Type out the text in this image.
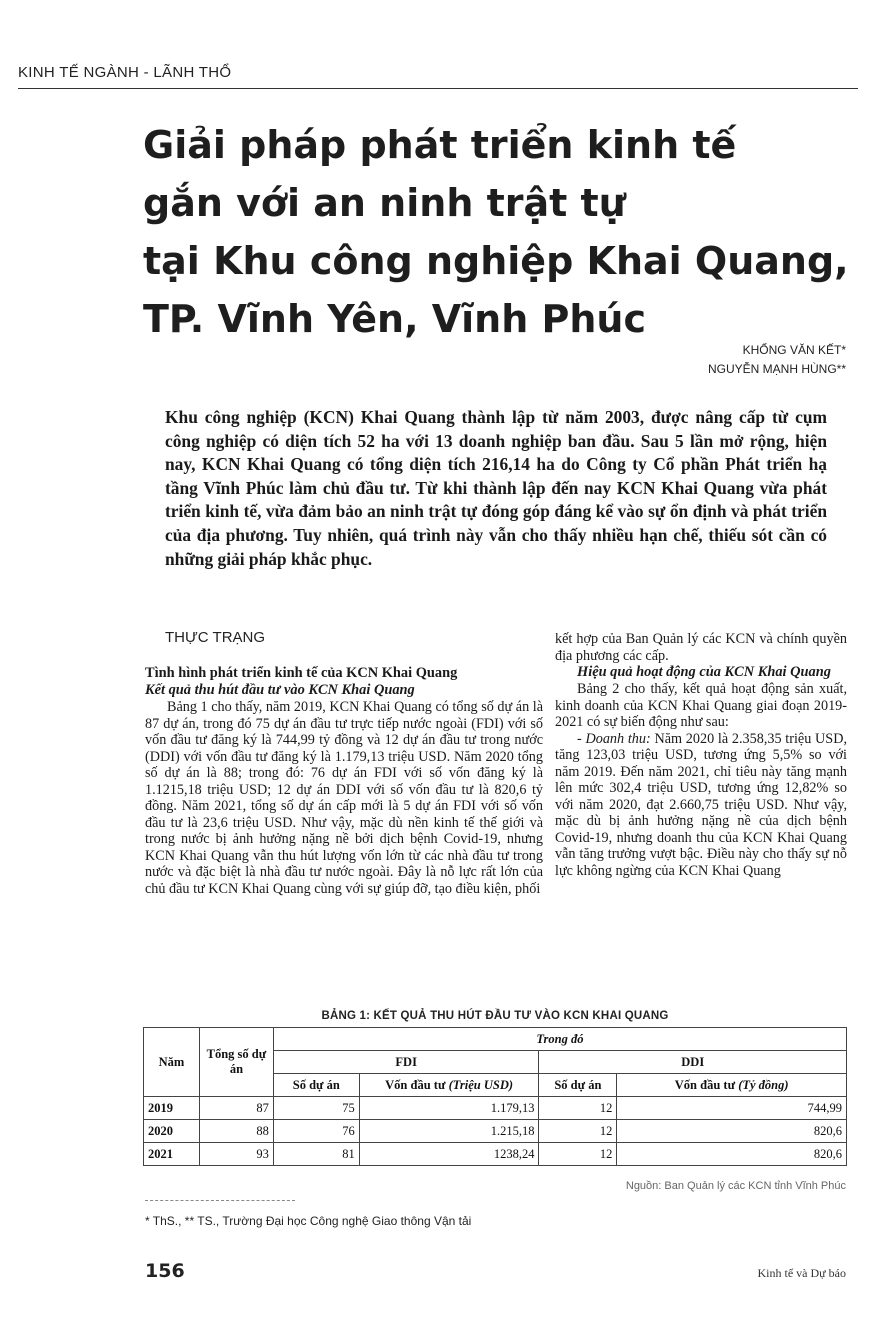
KINH TẾ NGÀNH - LÃNH THỔ
Giải pháp phát triển kinh tế
gắn với an ninh trật tự
tại Khu công nghiệp Khai Quang,
TP. Vĩnh Yên, Vĩnh Phúc
KHỔNG VĂN KẾT*
NGUYỄN MẠNH HÙNG**

Khu công nghiệp (KCN) Khai Quang thành lập từ năm 2003, được nâng cấp từ cụm công nghiệp có diện tích 52 ha với 13 doanh nghiệp ban đầu. Sau 5 lần mở rộng, hiện nay, KCN Khai Quang có tổng diện tích 216,14 ha do Công ty Cổ phần Phát triển hạ tầng Vĩnh Phúc làm chủ đầu tư. Từ khi thành lập đến nay KCN Khai Quang vừa phát triển kinh tế, vừa đảm bảo an ninh trật tự đóng góp đáng kể vào sự ổn định và phát triển của địa phương. Tuy nhiên, quá trình này vẫn cho thấy nhiều hạn chế, thiếu sót cần có những giải pháp khắc phục.

THỰC TRẠNG
Tình hình phát triển kinh tế của KCN Khai Quang
Kết quả thu hút đầu tư vào KCN Khai Quang

Bảng 1 cho thấy, năm 2019, KCN Khai Quang có tổng số dự án là 87 dự án, trong đó 75 dự án đầu tư trực tiếp nước ngoài (FDI) với số vốn đầu tư đăng ký là 744,99 tỷ đồng và 12 dự án đầu tư trong nước (DDI) với vốn đầu tư đăng ký là 1.179,13 triệu USD. Năm 2020 tổng số dự án là 88; trong đó: 76 dự án FDI với số vốn đăng ký là 1.1215,18 triệu USD; 12 dự án DDI với số vốn đầu tư là 820,6 tỷ đồng. Năm 2021, tổng số dự án cấp mới là 5 dự án FDI với số vốn đầu tư là 23,6 triệu USD. Như vậy, mặc dù nền kinh tế thế giới và trong nước bị ảnh hưởng nặng nề bởi dịch bệnh Covid-19, nhưng KCN Khai Quang vẫn thu hút lượng vốn lớn từ các nhà đầu tư trong nước và đặc biệt là nhà đầu tư nước ngoài. Đây là nỗ lực rất lớn của chủ đầu tư KCN Khai Quang cùng với sự giúp đỡ, tạo điều kiện, phối

kết hợp của Ban Quản lý các KCN và chính quyền địa phương các cấp.

Hiệu quả hoạt động của KCN Khai Quang

Bảng 2 cho thấy, kết quả hoạt động sản xuất, kinh doanh của KCN Khai Quang giai đoạn 2019-2021 có sự biến động như sau:

- Doanh thu: Năm 2020 là 2.358,35 triệu USD, tăng 123,03 triệu USD, tương ứng 5,5% so với năm 2019. Đến năm 2021, chỉ tiêu này tăng mạnh lên mức 302,4 triệu USD, tương ứng 12,82% so với năm 2020, đạt 2.660,75 triệu USD. Như vậy, mặc dù bị ảnh hưởng nặng nề của dịch bệnh Covid-19, nhưng doanh thu của KCN Khai Quang vẫn tăng trưởng vượt bậc. Điều này cho thấy sự nỗ lực không ngừng của KCN Khai Quang

BẢNG 1: KẾT QUẢ THU HÚT ĐẦU TƯ VÀO KCN KHAI QUANG
Năm	Tổng số dự án	Trong đó			
		FDI		DDI	
		Số dự án	Vốn đầu tư (Triệu USD)	Số dự án	Vốn đầu tư (Tỷ đồng)
2019	87	75	1.179,13	12	744,99
2020	88	76	1.215,18	12	820,6
2021	93	81	1238,24	12	820,6
Nguồn: Ban Quản lý các KCN tỉnh Vĩnh Phúc
* ThS., ** TS., Trường Đại học Công nghệ Giao thông Vận tải
156	Kinh tế và Dự báo
